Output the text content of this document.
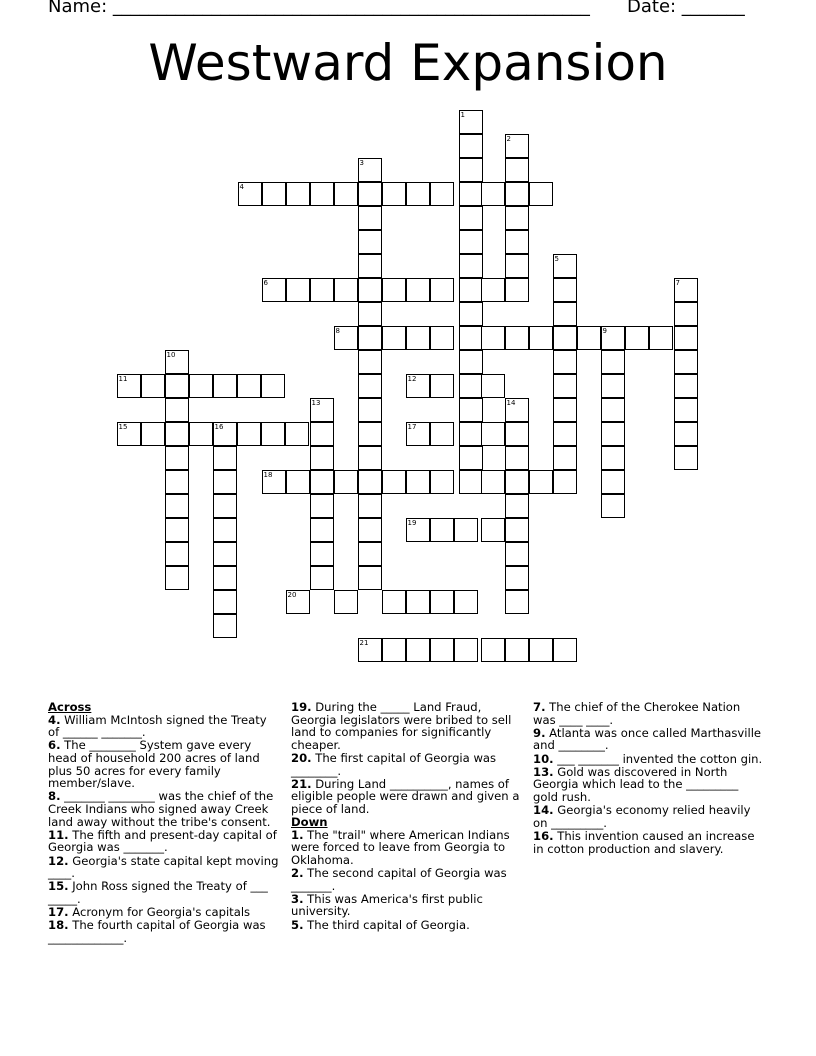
Name: _____________________________________________________ Date: _______
Westward Expansion
1
2
3
4
5
6	7
8	9
10
11	12
13	14
15	16	17
18
19
20
21
Across
4. William McIntosh signed the Treaty of ______ _______.
6. The ________ System gave every head of household 200 acres of land plus 50 acres for every family member/slave.
8. _______ ________ was the chief of the Creek Indians who signed away Creek land away without the tribe's consent.
11. The fifth and present-day capital of Georgia was _______.
12. Georgia's state capital kept moving ____.
15. John Ross signed the Treaty of ___ _____.
17. Acronym for Georgia's capitals
18. The fourth capital of Georgia was _____________.
19. During the _____ Land Fraud, Georgia legislators were bribed to sell land to companies for significantly cheaper.
20. The first capital of Georgia was ________.
21. During Land __________, names of eligible people were drawn and given a piece of land.
Down
1. The "trail" where American Indians were forced to leave from Georgia to Oklahoma.
2. The second capital of Georgia was _______.
3. This was America's first public university.
5. The third capital of Georgia.
7. The chief of the Cherokee Nation was ____ ____.
9. Atlanta was once called Marthasville and ________.
10. ___ _______ invented the cotton gin.
13. Gold was discovered in North Georgia which lead to the _________ gold rush.
14. Georgia's economy relied heavily on _________.
16. This invention caused an increase in cotton production and slavery.
